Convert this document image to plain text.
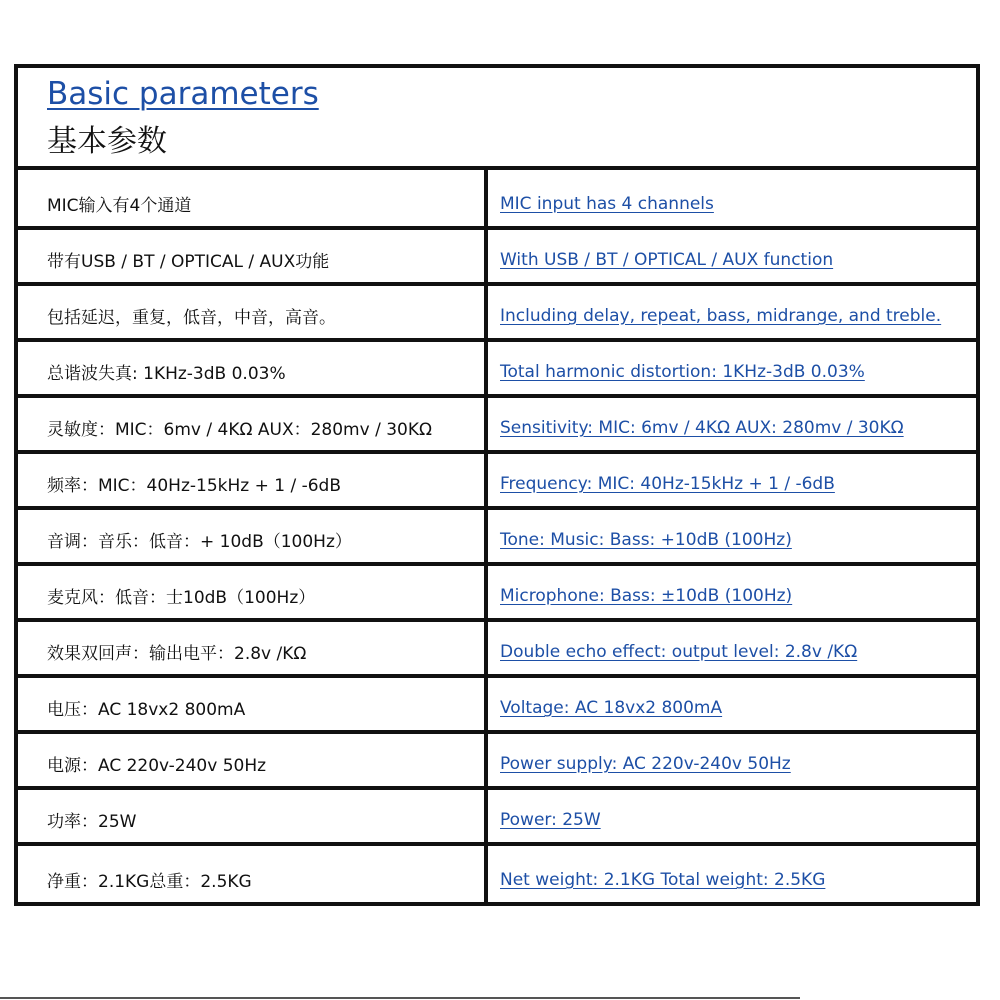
Basic parameters
基本参数
MIC输入有4个通道	MIC input has 4 channels
带有USB / BT / OPTICAL / AUX功能	With USB / BT / OPTICAL / AUX function
包括延迟，重复，低音，中音，高音。	Including delay, repeat, bass, midrange, and treble.
总谐波失真: 1KHz-3dB 0.03%	Total harmonic distortion: 1KHz-3dB 0.03%
灵敏度：MIC：6mv / 4KΩ AUX：280mv / 30KΩ	Sensitivity: MIC: 6mv / 4KΩ AUX: 280mv / 30KΩ
频率：MIC：40Hz-15kHz + 1 / -6dB	Frequency: MIC: 40Hz-15kHz + 1 / -6dB
音调：音乐：低音：+ 10dB（100Hz）	Tone: Music: Bass: +10dB (100Hz)
麦克风：低音：士10dB（100Hz）	Microphone: Bass: ±10dB (100Hz)
效果双回声：输出电平：2.8v /KΩ	Double echo effect: output level: 2.8v /KΩ
电压：AC 18vx2 800mA	Voltage: AC 18vx2 800mA
电源：AC 220v-240v 50Hz	Power supply: AC 220v-240v 50Hz
功率：25W	Power: 25W
净重：2.1KG总重：2.5KG	Net weight: 2.1KG Total weight: 2.5KG
